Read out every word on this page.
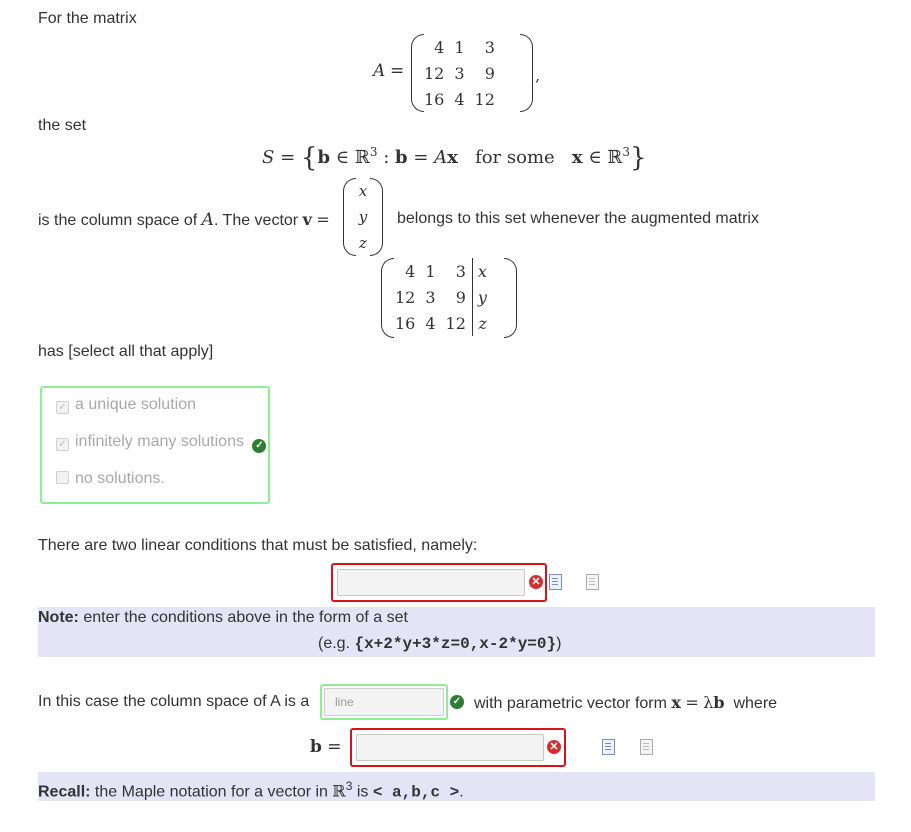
For the matrix
A =
4	1	3
12	3	9
16	4	12
,
the set
S = {b ∈ ℝ$^3$ : b = Ax for some x ∈ ℝ$^3$}
is the column space of A. The vector v =
x
y
z
belongs to this set whenever the augmented matrix
4	1	3	x
12	3	9	y
16	4	12	z
has [select all that apply]
✓ a unique solution
✓ infinitely many solutions ✓
no solutions.
There are two linear conditions that must be satisfied, namely:
✕

Note: enter the conditions above in the form of a set
(e.g. {x+2*y+3*z=0,x-2*y=0})
In this case the column space of A is a	line	✓ with parametric vector form x = λb where
b =	✕

Recall: the Maple notation for a vector in ℝ$^3$ is < a,b,c >.
